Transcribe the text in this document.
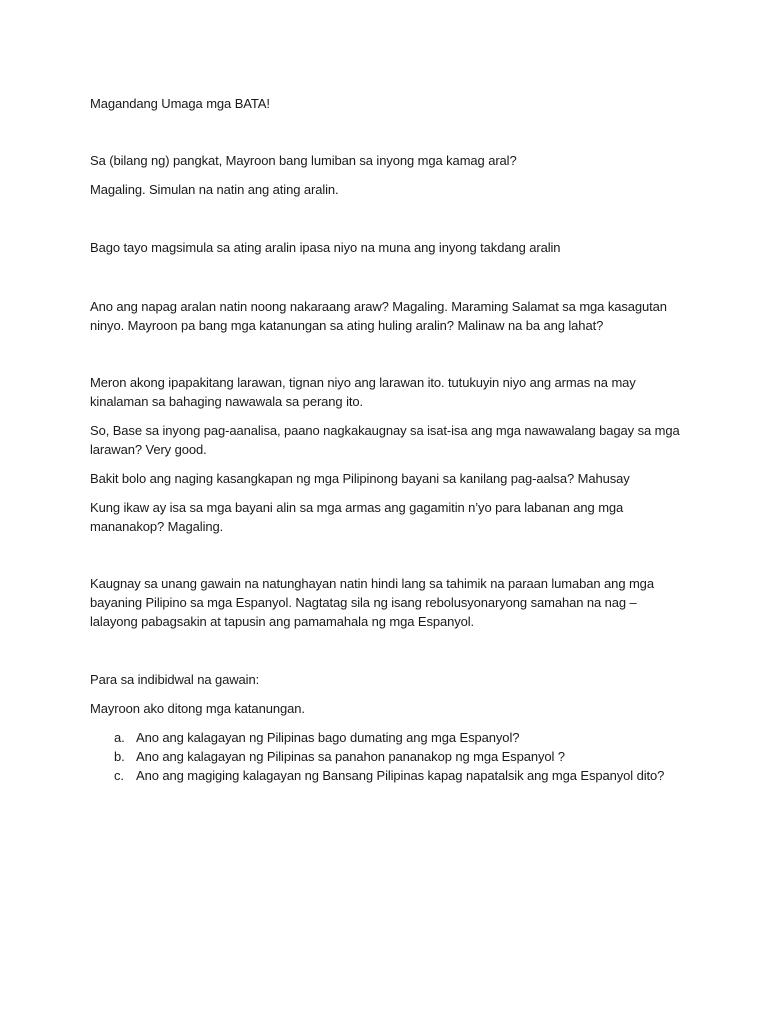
Magandang Umaga mga BATA!
Sa (bilang ng) pangkat, Mayroon bang lumiban sa inyong mga kamag aral?
Magaling. Simulan na natin ang ating aralin.
Bago tayo magsimula sa ating aralin ipasa niyo na muna ang inyong takdang aralin
Ano ang napag aralan natin noong nakaraang araw? Magaling. Maraming Salamat sa mga kasagutan ninyo. Mayroon pa bang mga katanungan sa ating huling aralin? Malinaw na ba ang lahat?
Meron akong ipapakitang larawan, tignan niyo ang larawan ito. tutukuyin niyo ang armas na may kinalaman sa bahaging nawawala sa perang ito.
So, Base sa inyong pag-aanalisa, paano nagkakaugnay sa isat-isa ang mga nawawalang bagay sa mga larawan? Very good.
Bakit bolo ang naging kasangkapan ng mga Pilipinong bayani sa kanilang pag-aalsa? Mahusay
Kung ikaw ay isa sa mga bayani alin sa mga armas ang gagamitin n’yo para labanan ang mga mananakop? Magaling.
Kaugnay sa unang gawain na natunghayan natin hindi lang sa tahimik na paraan lumaban ang mga bayaning Pilipino sa mga Espanyol. Nagtatag sila ng isang rebolusyonaryong samahan na nag – lalayong pabagsakin at tapusin ang pamamahala ng mga Espanyol.
Para sa indibidwal na gawain:
Mayroon ako ditong mga katanungan.
a. Ano ang kalagayan ng Pilipinas bago dumating ang mga Espanyol?
b. Ano ang kalagayan ng Pilipinas sa panahon pananakop ng mga Espanyol ?
c. Ano ang magiging kalagayan ng Bansang Pilipinas kapag napatalsik ang mga Espanyol dito?
